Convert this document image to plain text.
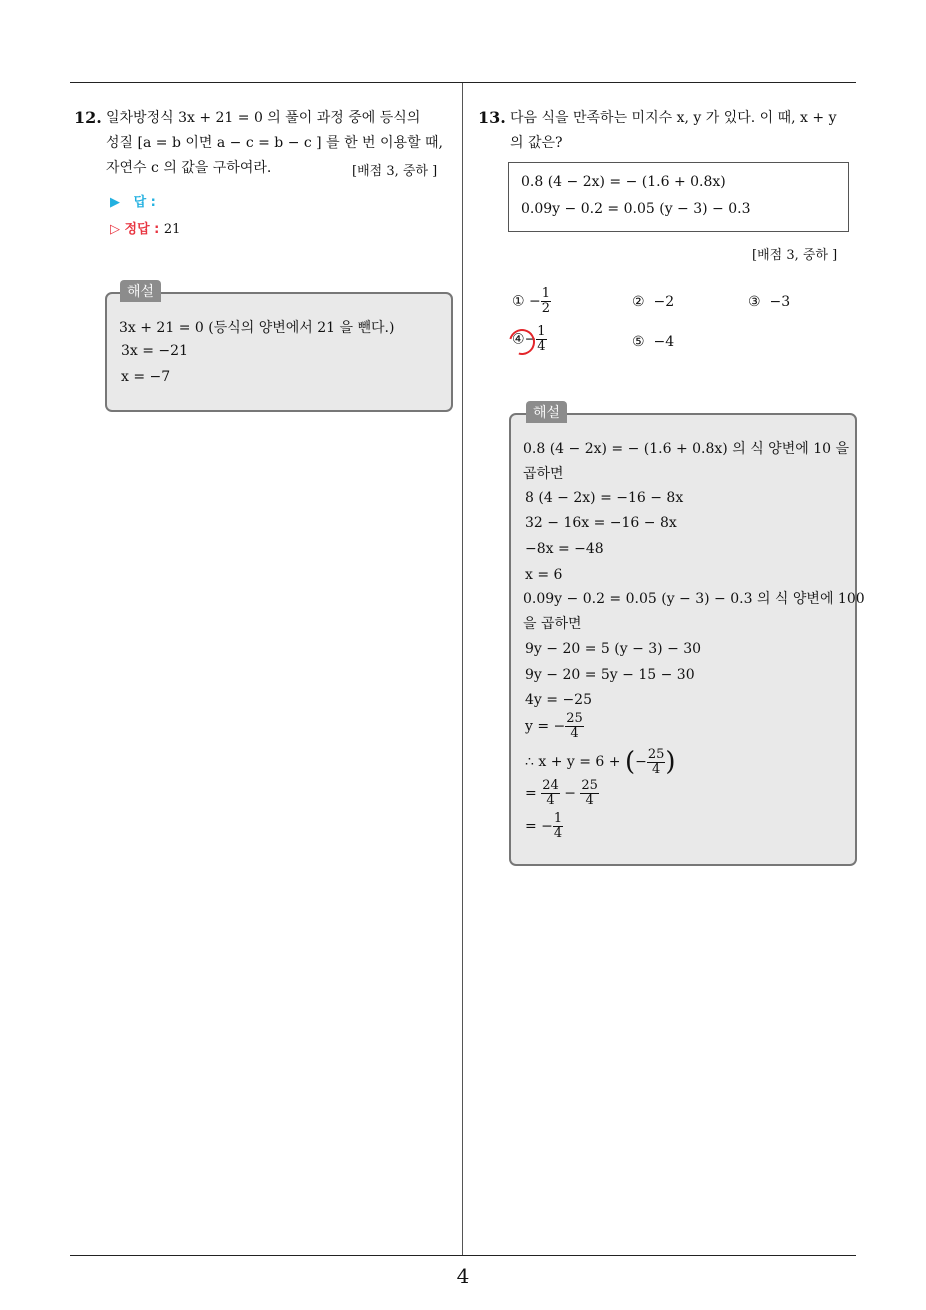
4
12. 일차방정식 3x + 21 = 0 의 풀이 과정 중에 등식의
성질 [a = b 이면 a − c = b − c ] 를 한 번 이용할 때,
자연수 c 의 값을 구하여라.	[배점 3, 중하 ]
▶ 답 :
▷ 정답 : 21
해설
3x + 21 = 0 (등식의 양변에서 21 을 뺀다.)
3x = −21
x = −7
13. 다음 식을 만족하는 미지수 x, y 가 있다. 이 때, x + y
의 값은?
0.8 (4 − 2x) = − (1.6 + 0.8x)
0.09y − 0.2 = 0.05 (y − 3) − 0.3
[배점 3, 중하 ]
① − $\frac{1}{2}$	② −2	③ −3
④− $\frac{1}{4}$	⑤ −4
해설
0.8 (4 − 2x) = − (1.6 + 0.8x) 의 식 양변에 10 을
곱하면
8 (4 − 2x) = −16 − 8x
32 − 16x = −16 − 8x
−8x = −48
x = 6
0.09y − 0.2 = 0.05 (y − 3) − 0.3 의 식 양변에 100
을 곱하면
9y − 20 = 5 (y − 3) − 30
9y − 20 = 5y − 15 − 30
4y = −25
y = − $\frac{25}{4}$
∴ x + y = 6 + (− $\frac{25}{4}$ )
= $\frac{24}{4} - \frac{25}{4}$
= − $\frac{1}{4}$
